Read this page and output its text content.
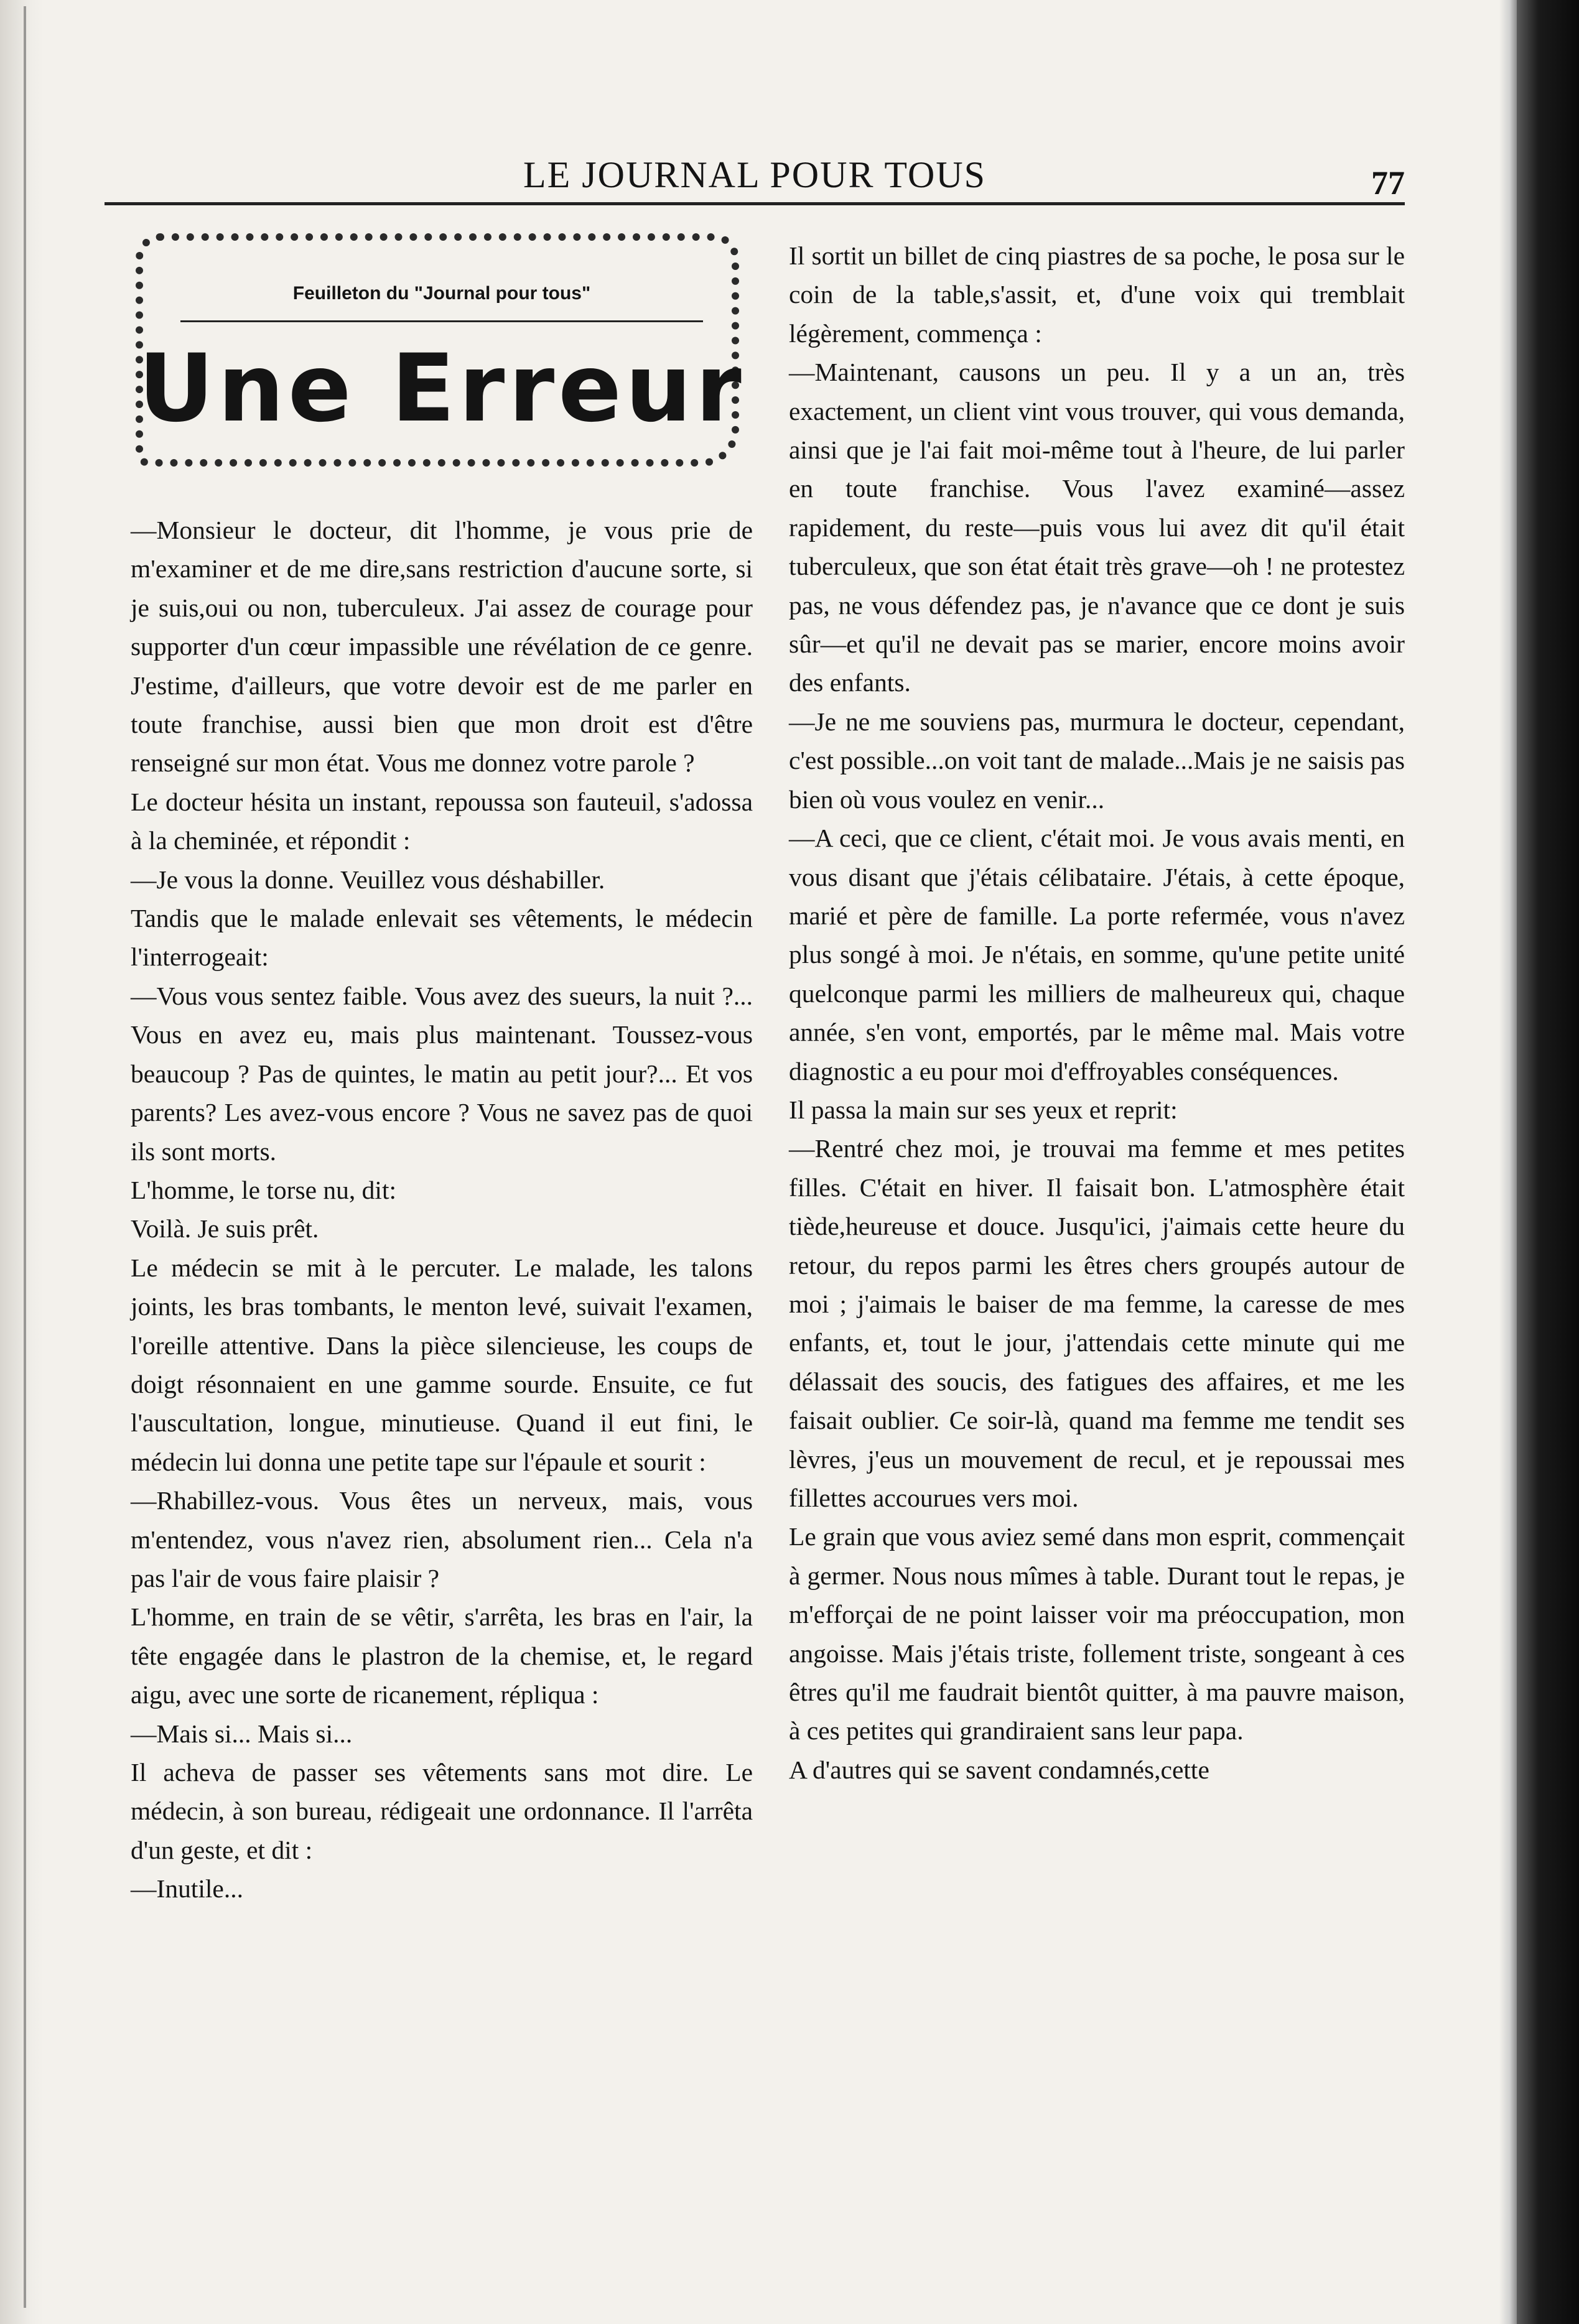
LE JOURNAL POUR TOUS	77
Feuilleton du "Journal pour tous"
Une Erreur

—Monsieur le docteur, dit l'homme, je vous prie de m'examiner et de me dire,sans restriction d'aucune sorte, si je suis,oui ou non, tuberculeux. J'ai assez de courage pour supporter d'un cœur impassible une révélation de ce genre. J'estime, d'ailleurs, que votre devoir est de me parler en toute franchise, aussi bien que mon droit est d'être renseigné sur mon état. Vous me donnez votre parole ?

Le docteur hésita un instant, repoussa son fauteuil, s'adossa à la cheminée, et répondit :

—Je vous la donne. Veuillez vous déshabiller.

Tandis que le malade enlevait ses vêtements, le médecin l'interrogeait:

—Vous vous sentez faible. Vous avez des sueurs, la nuit ?... Vous en avez eu, mais plus maintenant. Toussez-vous beaucoup ? Pas de quintes, le matin au petit jour?... Et vos parents? Les avez-vous encore ? Vous ne savez pas de quoi ils sont morts.

L'homme, le torse nu, dit:

Voilà. Je suis prêt.

Le médecin se mit à le percuter. Le malade, les talons joints, les bras tombants, le menton levé, suivait l'examen, l'oreille attentive. Dans la pièce silencieuse, les coups de doigt résonnaient en une gamme sourde. Ensuite, ce fut l'auscultation, longue, minutieuse. Quand il eut fini, le médecin lui donna une petite tape sur l'épaule et sourit :

—Rhabillez-vous. Vous êtes un nerveux, mais, vous m'entendez, vous n'avez rien, absolument rien... Cela n'a pas l'air de vous faire plaisir ?

L'homme, en train de se vêtir, s'arrêta, les bras en l'air, la tête engagée dans le plastron de la chemise, et, le regard aigu, avec une sorte de ricanement, répliqua :

—Mais si... Mais si...

Il acheva de passer ses vêtements sans mot dire. Le médecin, à son bureau, rédigeait une ordonnance. Il l'arrêta d'un geste, et dit :

—Inutile...

Il sortit un billet de cinq piastres de sa poche, le posa sur le coin de la table,s'assit, et, d'une voix qui tremblait légèrement, commença :

—Maintenant, causons un peu. Il y a un an, très exactement, un client vint vous trouver, qui vous demanda, ainsi que je l'ai fait moi-même tout à l'heure, de lui parler en toute franchise. Vous l'avez examiné—assez rapidement, du reste—puis vous lui avez dit qu'il était tuberculeux, que son état était très grave—oh ! ne protestez pas, ne vous défendez pas, je n'avance que ce dont je suis sûr—et qu'il ne devait pas se marier, encore moins avoir des enfants.

—Je ne me souviens pas, murmura le docteur, cependant, c'est possible...on voit tant de malade...Mais je ne saisis pas bien où vous voulez en venir...

—A ceci, que ce client, c'était moi. Je vous avais menti, en vous disant que j'étais célibataire. J'étais, à cette époque, marié et père de famille. La porte refermée, vous n'avez plus songé à moi. Je n'étais, en somme, qu'une petite unité quelconque parmi les milliers de malheureux qui, chaque année, s'en vont, emportés, par le même mal. Mais votre diagnostic a eu pour moi d'effroyables conséquences.

Il passa la main sur ses yeux et reprit:

—Rentré chez moi, je trouvai ma femme et mes petites filles. C'était en hiver. Il faisait bon. L'atmosphère était tiède,heureuse et douce. Jusqu'ici, j'aimais cette heure du retour, du repos parmi les êtres chers groupés autour de moi ; j'aimais le baiser de ma femme, la caresse de mes enfants, et, tout le jour, j'attendais cette minute qui me délassait des soucis, des fatigues des affaires, et me les faisait oublier. Ce soir-là, quand ma femme me tendit ses lèvres, j'eus un mouvement de recul, et je repoussai mes fillettes accourues vers moi.

Le grain que vous aviez semé dans mon esprit, commençait à germer. Nous nous mîmes à table. Durant tout le repas, je m'efforçai de ne point laisser voir ma préoccupation, mon angoisse. Mais j'étais triste, follement triste, songeant à ces êtres qu'il me faudrait bientôt quitter, à ma pauvre maison, à ces petites qui grandiraient sans leur papa.

A d'autres qui se savent condamnés,cette
